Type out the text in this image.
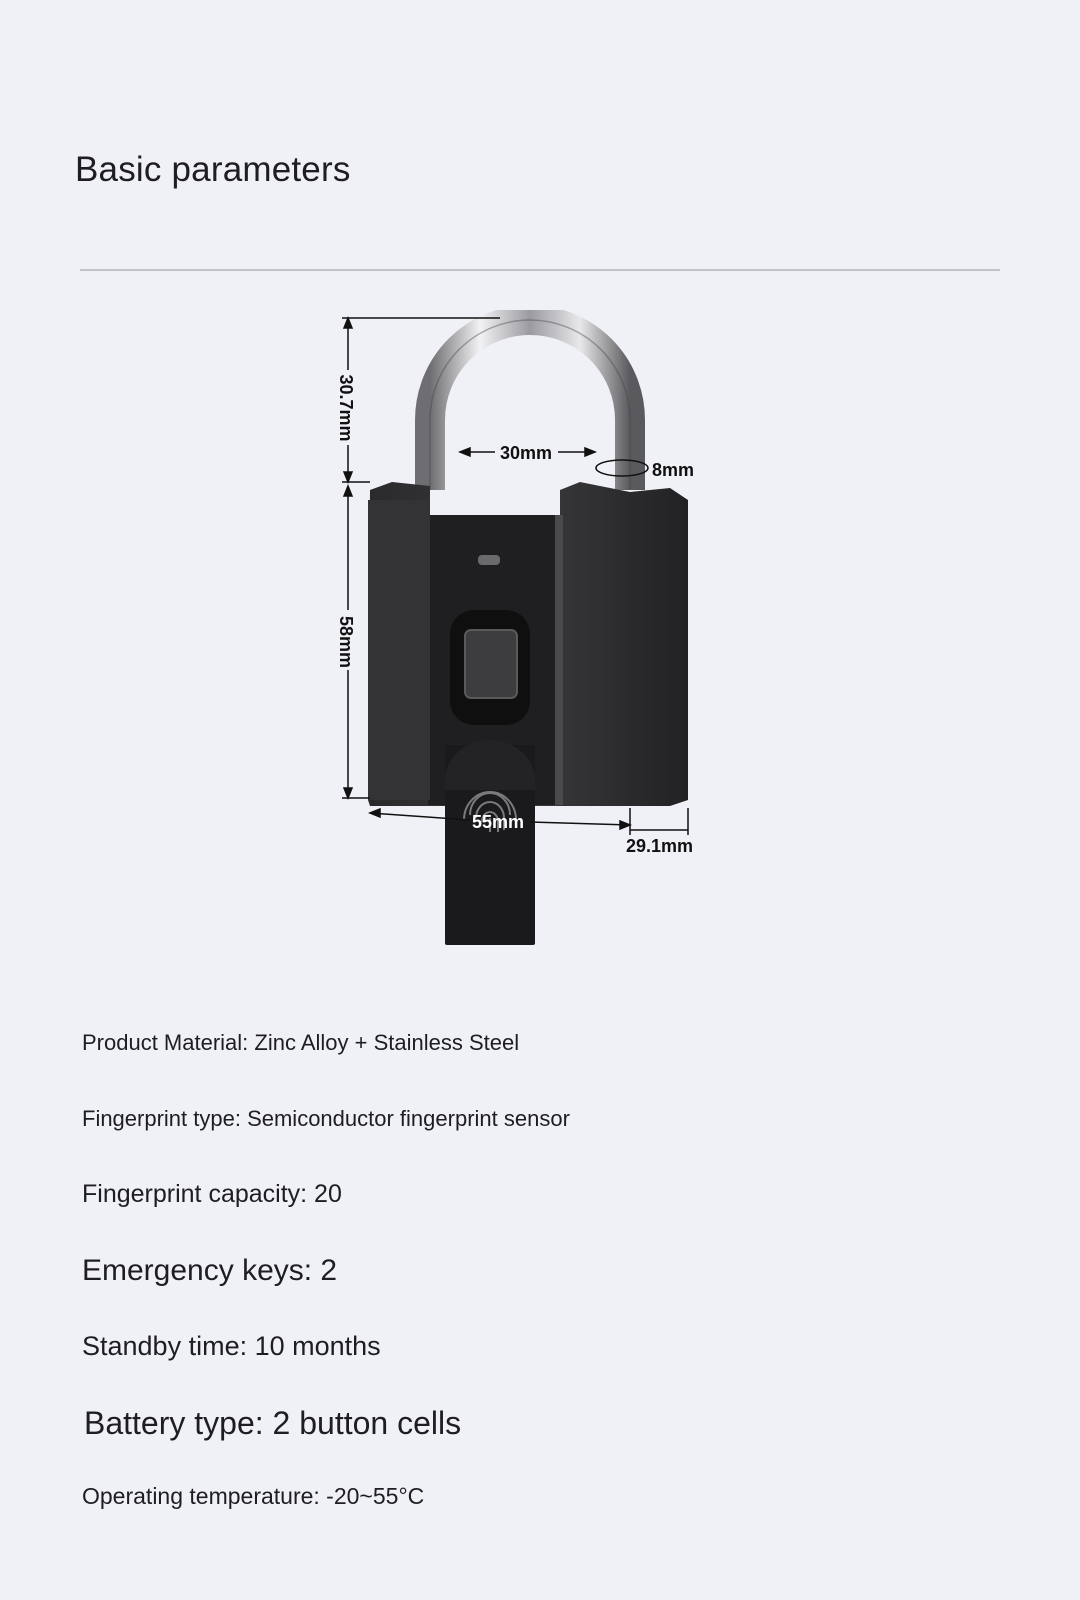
Basic parameters
30.7mm
58mm
30mm
8mm
55mm
29.1mm

Product Material: Zinc Alloy + Stainless Steel

Fingerprint type: Semiconductor fingerprint sensor

Fingerprint capacity: 20

Emergency keys: 2

Standby time: 10 months

Battery type: 2 button cells

Operating temperature: -20~55°C
